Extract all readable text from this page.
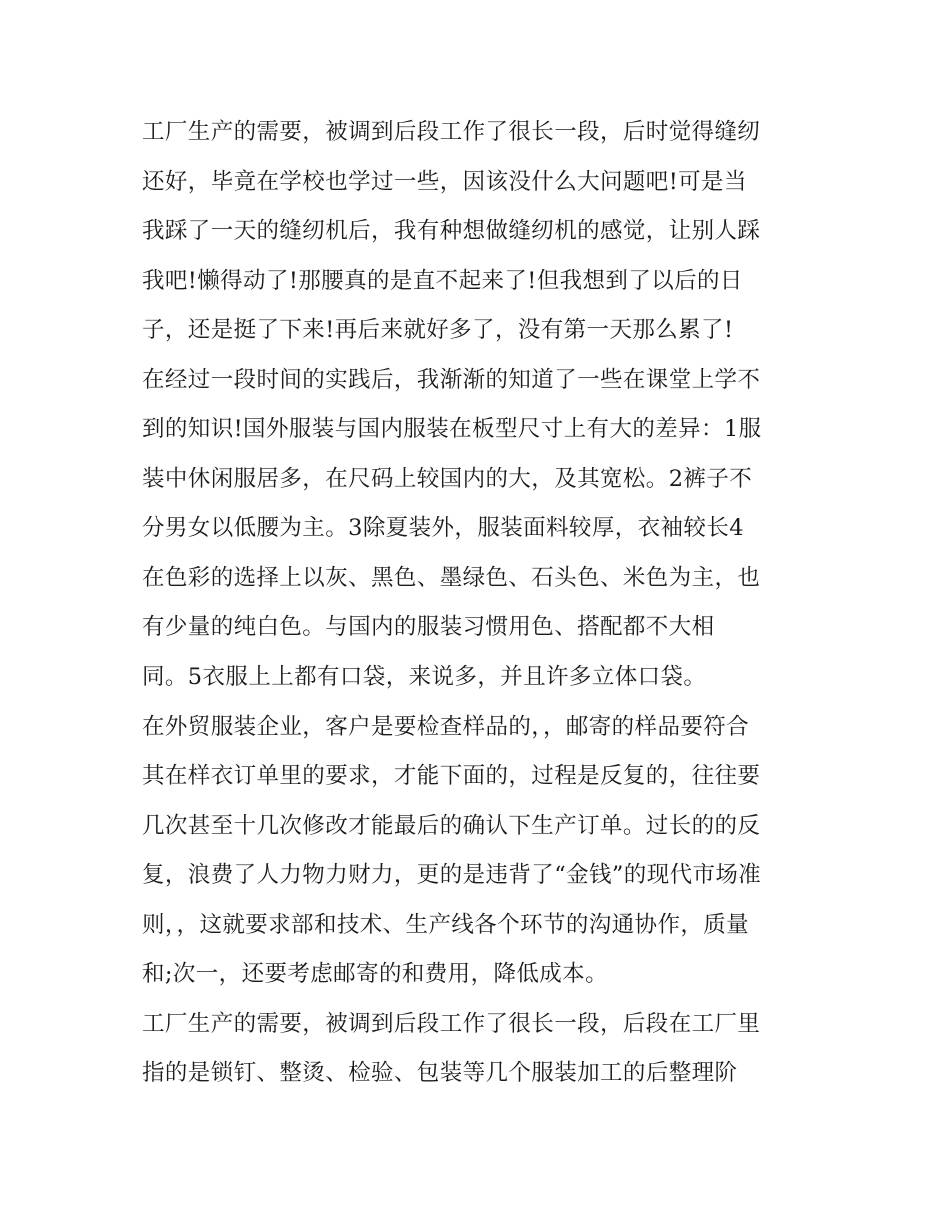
工厂生产的需要，被调到后段工作了很长一段，后时觉得缝纫
还好，毕竟在学校也学过一些，因该没什么大问题吧!可是当
我踩了一天的缝纫机后，我有种想做缝纫机的感觉，让别人踩
我吧!懒得动了!那腰真的是直不起来了!但我想到了以后的日
子，还是挺了下来!再后来就好多了，没有第一天那么累了!
在经过一段时间的实践后，我渐渐的知道了一些在课堂上学不
到的知识!国外服装与国内服装在板型尺寸上有大的差异：1服
装中休闲服居多，在尺码上较国内的大，及其宽松。2裤子不
分男女以低腰为主。3除夏装外，服装面料较厚，衣袖较长4
在色彩的选择上以灰、黑色、墨绿色、石头色、米色为主，也
有少量的纯白色。与国内的服装习惯用色、搭配都不大相
同。5衣服上上都有口袋，来说多，并且许多立体口袋。
在外贸服装企业，客户是要检查样品的，，邮寄的样品要符合
其在样衣订单里的要求，才能下面的，过程是反复的，往往要
几次甚至十几次修改才能最后的确认下生产订单。过长的的反
复，浪费了人力物力财力，更的是违背了“金钱”的现代市场准
则，，这就要求部和技术、生产线各个环节的沟通协作，质量
和;次一，还要考虑邮寄的和费用，降低成本。
工厂生产的需要，被调到后段工作了很长一段，后段在工厂里
指的是锁钉、整烫、检验、包装等几个服装加工的后整理阶
